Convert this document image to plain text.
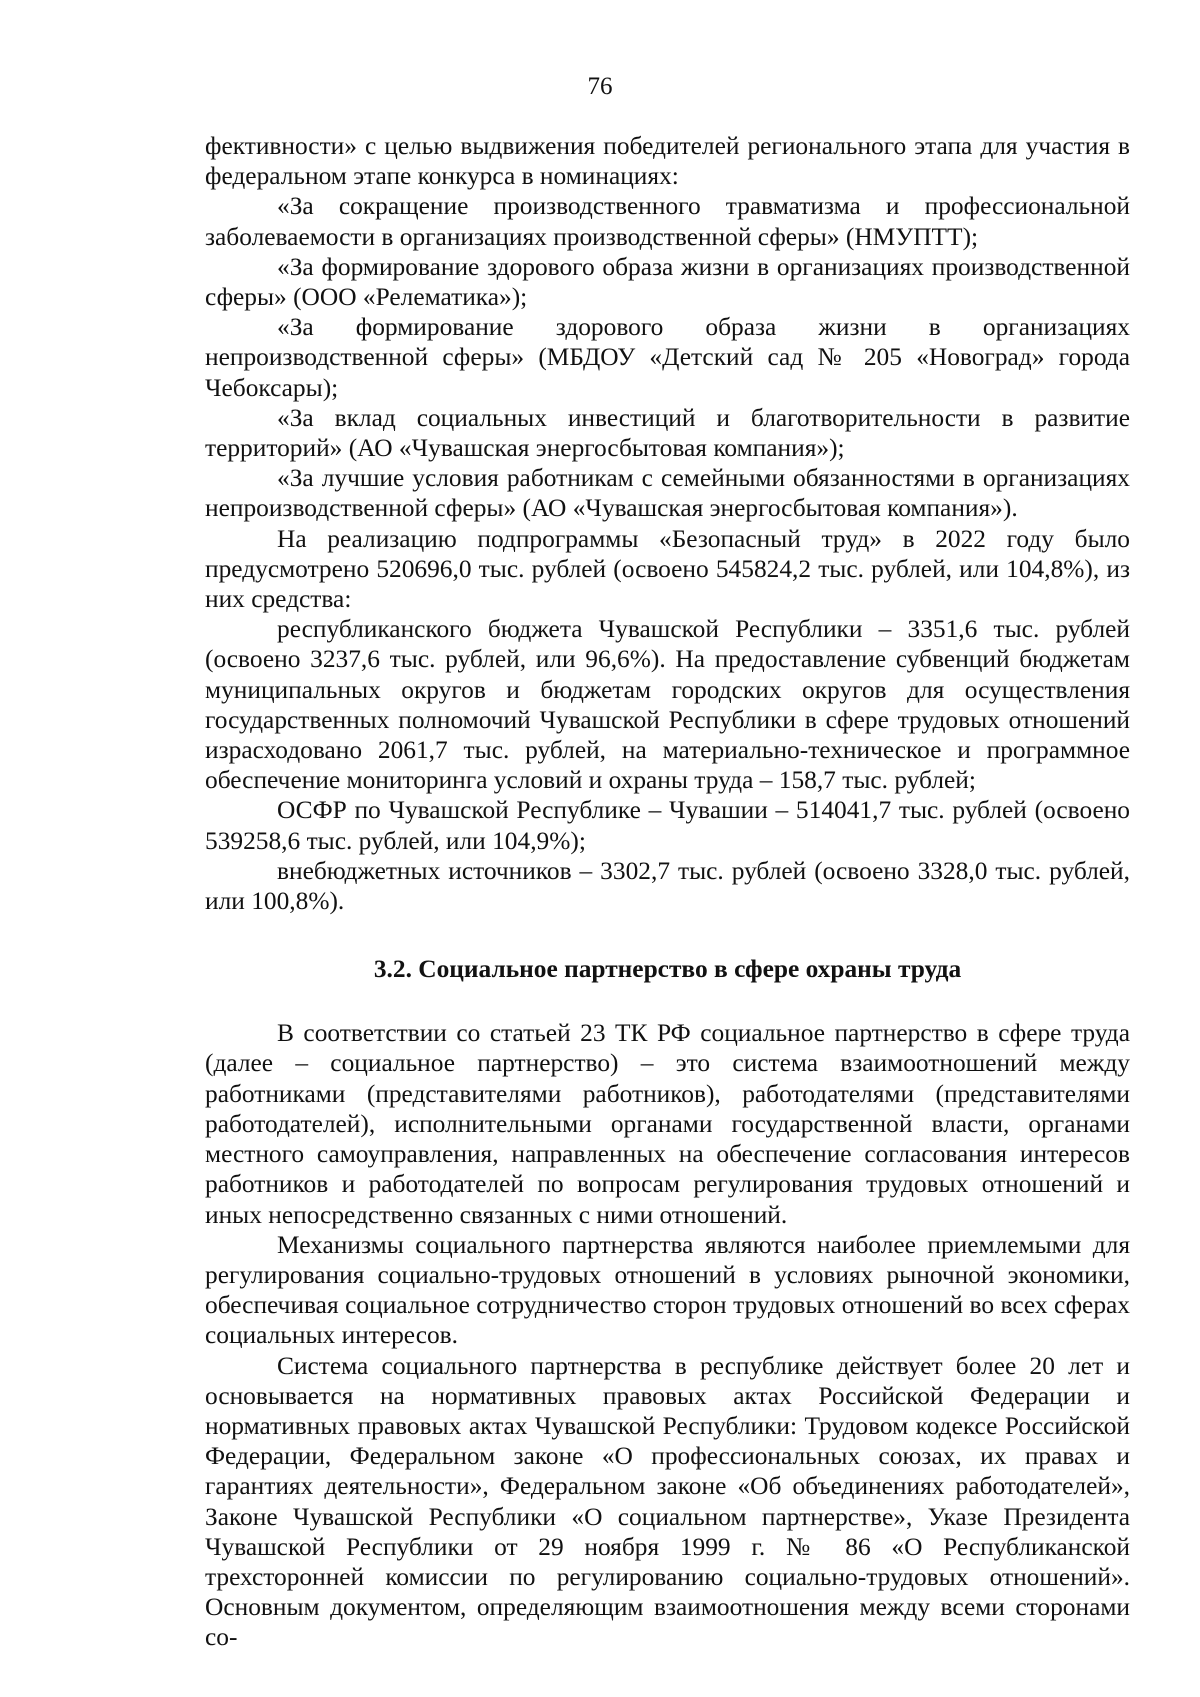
76

фективности» с целью выдвижения победителей регионального этапа для участия в федеральном этапе конкурса в номинациях:

«За сокращение производственного травматизма и профессиональной заболеваемости в организациях производственной сферы» (НМУПТТ);

«За формирование здорового образа жизни в организациях производственной сферы» (ООО «Релематика»);

«За формирование здорового образа жизни в организациях непроизводственной сферы» (МБДОУ «Детский сад № 205 «Новоград» города Чебоксары);

«За вклад социальных инвестиций и благотворительности в развитие территорий» (АО «Чувашская энергосбытовая компания»);

«За лучшие условия работникам с семейными обязанностями в организациях непроизводственной сферы» (АО «Чувашская энергосбытовая компания»).

На реализацию подпрограммы «Безопасный труд» в 2022 году было предусмотрено 520696,0 тыс. рублей (освоено 545824,2 тыс. рублей, или 104,8%), из них средства:

республиканского бюджета Чувашской Республики – 3351,6 тыс. рублей (освоено 3237,6 тыс. рублей, или 96,6%). На предоставление субвенций бюджетам муниципальных округов и бюджетам городских округов для осуществления государственных полномочий Чувашской Республики в сфере трудовых отношений израсходовано 2061,7 тыс. рублей, на материально-техническое и программное обеспечение мониторинга условий и охраны труда – 158,7 тыс. рублей;

ОСФР по Чувашской Республике – Чувашии – 514041,7 тыс. рублей (освоено 539258,6 тыс. рублей, или 104,9%);

внебюджетных источников – 3302,7 тыс. рублей (освоено 3328,0 тыс. рублей, или 100,8%).

3.2. Социальное партнерство в сфере охраны труда

В соответствии со статьей 23 ТК РФ социальное партнерство в сфере труда (далее – социальное партнерство) – это система взаимоотношений между работниками (представителями работников), работодателями (представителями работодателей), исполнительными органами государственной власти, органами местного самоуправления, направленных на обеспечение согласования интересов работников и работодателей по вопросам регулирования трудовых отношений и иных непосредственно связанных с ними отношений.

Механизмы социального партнерства являются наиболее приемлемыми для регулирования социально-трудовых отношений в условиях рыночной экономики, обеспечивая социальное сотрудничество сторон трудовых отношений во всех сферах социальных интересов.

Система социального партнерства в республике действует более 20 лет и основывается на нормативных правовых актах Российской Федерации и нормативных правовых актах Чувашской Республики: Трудовом кодексе Российской Федерации, Федеральном законе «О профессиональных союзах, их правах и гарантиях деятельности», Федеральном законе «Об объединениях работодателей», Законе Чувашской Республики «О социальном партнерстве», Указе Президента Чувашской Республики от 29 ноября 1999 г. № 86 «О Республиканской трехсторонней комиссии по регулированию социально-трудовых отношений». Основным документом, определяющим взаимоотношения между всеми сторонами со-
